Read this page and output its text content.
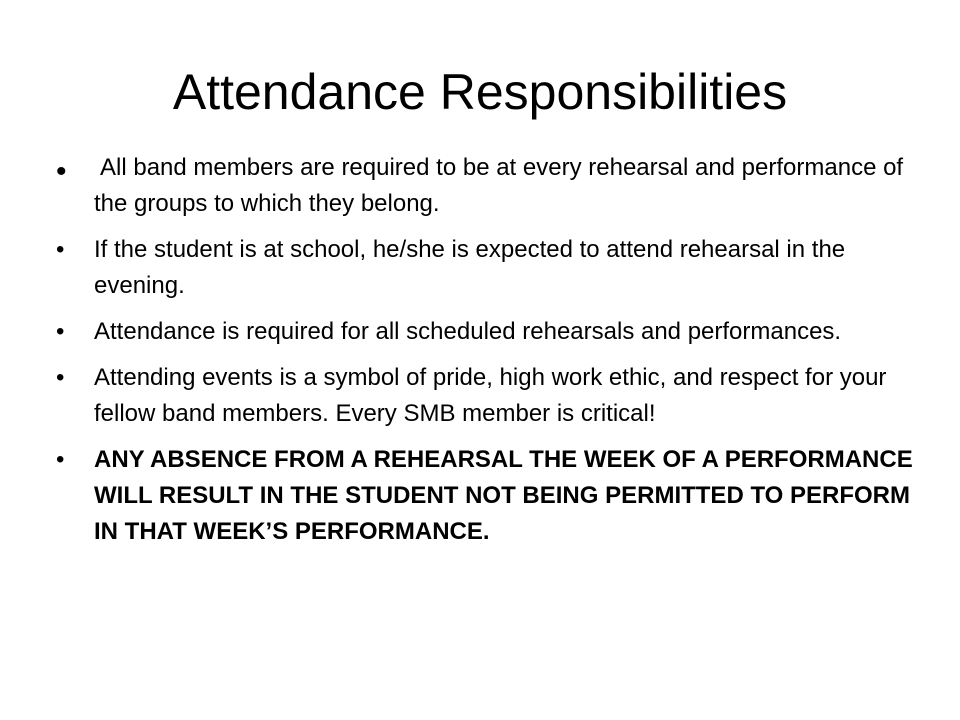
Attendance Responsibilities
•	All band members are required to be at every rehearsal and performance of the groups to which they belong.
•	If the student is at school, he/she is expected to attend rehearsal in the evening.
•	Attendance is required for all scheduled rehearsals and performances.
•	Attending events is a symbol of pride, high work ethic, and respect for your fellow band members. Every SMB member is critical!
•	ANY ABSENCE FROM A REHEARSAL THE WEEK OF A PERFORMANCE WILL RESULT IN THE STUDENT NOT BEING PERMITTED TO PERFORM IN THAT WEEK’S PERFORMANCE.
